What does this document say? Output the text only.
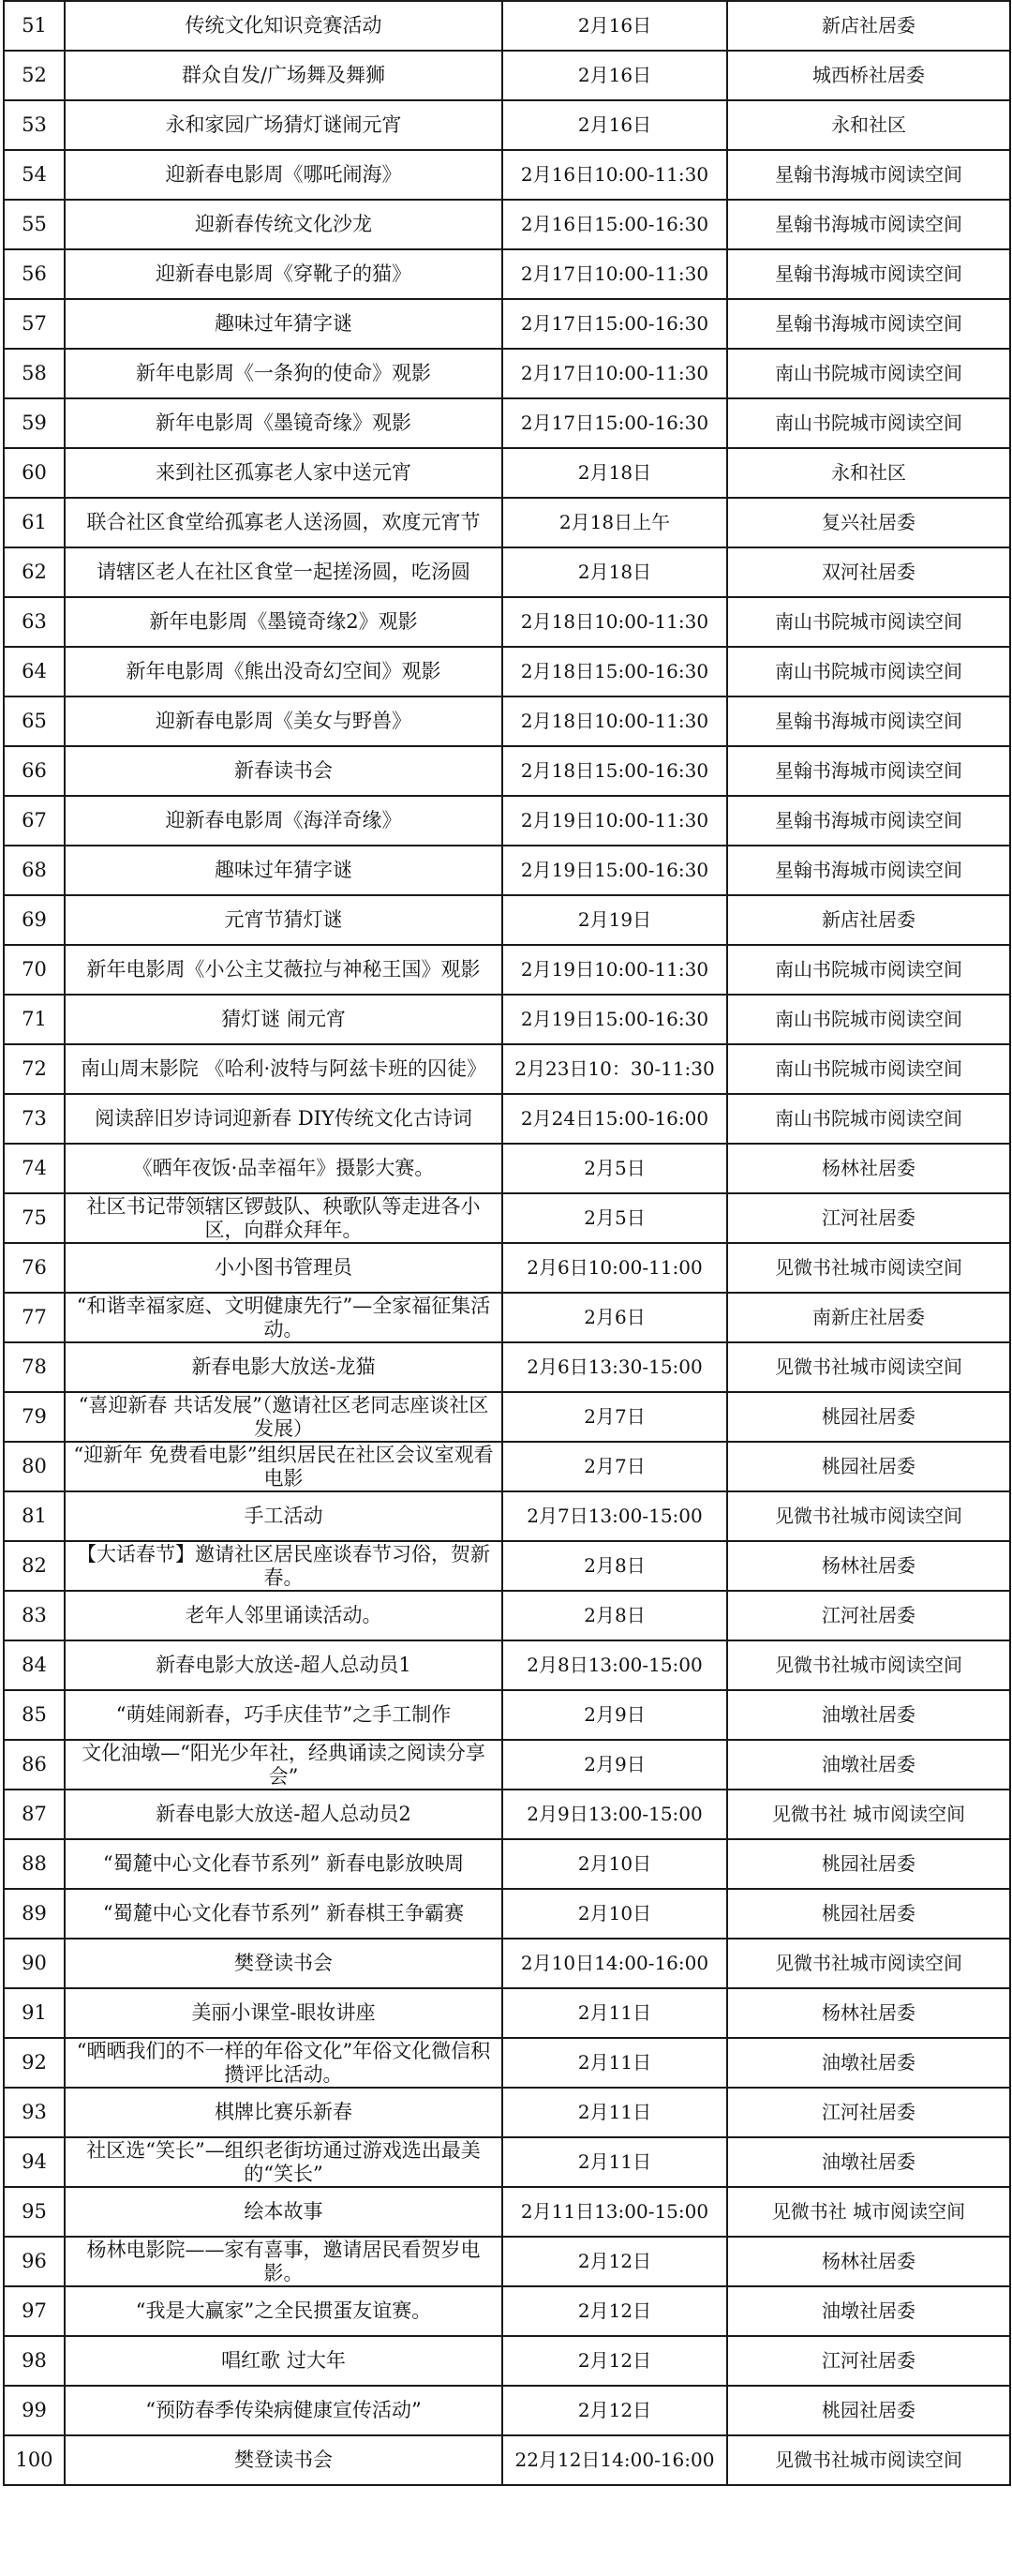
51	传统文化知识竞赛活动	2月16日	新店社居委
52	群众自发/广场舞及舞狮	2月16日	城西桥社居委
53	永和家园广场猜灯谜闹元宵	2月16日	永和社区
54	迎新春电影周《哪吒闹海》	2月16日10:00-11:30	星翰书海城市阅读空间
55	迎新春传统文化沙龙	2月16日15:00-16:30	星翰书海城市阅读空间
56	迎新春电影周《穿靴子的猫》	2月17日10:00-11:30	星翰书海城市阅读空间
57	趣味过年猜字谜	2月17日15:00-16:30	星翰书海城市阅读空间
58	新年电影周《一条狗的使命》观影	2月17日10:00-11:30	南山书院城市阅读空间
59	新年电影周《墨镜奇缘》观影	2月17日15:00-16:30	南山书院城市阅读空间
60	来到社区孤寡老人家中送元宵	2月18日	永和社区
61	联合社区食堂给孤寡老人送汤圆，欢度元宵节	2月18日上午	复兴社居委
62	请辖区老人在社区食堂一起搓汤圆，吃汤圆	2月18日	双河社居委
63	新年电影周《墨镜奇缘2》观影	2月18日10:00-11:30	南山书院城市阅读空间
64	新年电影周《熊出没奇幻空间》观影	2月18日15:00-16:30	南山书院城市阅读空间
65	迎新春电影周《美女与野兽》	2月18日10:00-11:30	星翰书海城市阅读空间
66	新春读书会	2月18日15:00-16:30	星翰书海城市阅读空间
67	迎新春电影周《海洋奇缘》	2月19日10:00-11:30	星翰书海城市阅读空间
68	趣味过年猜字谜	2月19日15:00-16:30	星翰书海城市阅读空间
69	元宵节猜灯谜	2月19日	新店社居委
70	新年电影周《小公主艾薇拉与神秘王国》观影	2月19日10:00-11:30	南山书院城市阅读空间
71	猜灯谜 闹元宵	2月19日15:00-16:30	南山书院城市阅读空间
72	南山周末影院 《哈利·波特与阿兹卡班的囚徒》	2月23日10：30-11:30	南山书院城市阅读空间
73	阅读辞旧岁诗词迎新春 DIY传统文化古诗词	2月24日15:00-16:00	南山书院城市阅读空间
74	《晒年夜饭·品幸福年》摄影大赛。	2月5日	杨林社居委
75	社区书记带领辖区锣鼓队、秧歌队等走进各小区，向群众拜年。	2月5日	江河社居委
76	小小图书管理员	2月6日10:00-11:00	见微书社城市阅读空间
77	“和谐幸福家庭、文明健康先行”—全家福征集活动。	2月6日	南新庄社居委
78	新春电影大放送-龙猫	2月6日13:30-15:00	见微书社城市阅读空间
79	“喜迎新春 共话发展”（邀请社区老同志座谈社区发展）	2月7日	桃园社居委
80	“迎新年 免费看电影”组织居民在社区会议室观看电影	2月7日	桃园社居委
81	手工活动	2月7日13:00-15:00	见微书社城市阅读空间
82	【大话春节】邀请社区居民座谈春节习俗，贺新春。	2月8日	杨林社居委
83	老年人邻里诵读活动。	2月8日	江河社居委
84	新春电影大放送-超人总动员1	2月8日13:00-15:00	见微书社城市阅读空间
85	“萌娃闹新春，巧手庆佳节”之手工制作	2月9日	油墩社居委
86	文化油墩—“阳光少年社，经典诵读之阅读分享会”	2月9日	油墩社居委
87	新春电影大放送-超人总动员2	2月9日13:00-15:00	见微书社 城市阅读空间
88	“蜀麓中心文化春节系列” 新春电影放映周	2月10日	桃园社居委
89	“蜀麓中心文化春节系列” 新春棋王争霸赛	2月10日	桃园社居委
90	樊登读书会	2月10日14:00-16:00	见微书社城市阅读空间
91	美丽小课堂-眼妆讲座	2月11日	杨林社居委
92	“晒晒我们的不一样的年俗文化”年俗文化微信积攒评比活动。	2月11日	油墩社居委
93	棋牌比赛乐新春	2月11日	江河社居委
94	社区选“笑长”—组织老街坊通过游戏选出最美的“笑长”	2月11日	油墩社居委
95	绘本故事	2月11日13:00-15:00	见微书社 城市阅读空间
96	杨林电影院——家有喜事，邀请居民看贺岁电影。	2月12日	杨林社居委
97	“我是大赢家”之全民掼蛋友谊赛。	2月12日	油墩社居委
98	唱红歌 过大年	2月12日	江河社居委
99	“预防春季传染病健康宣传活动”	2月12日	桃园社居委
100	樊登读书会	22月12日14:00-16:00	见微书社城市阅读空间
